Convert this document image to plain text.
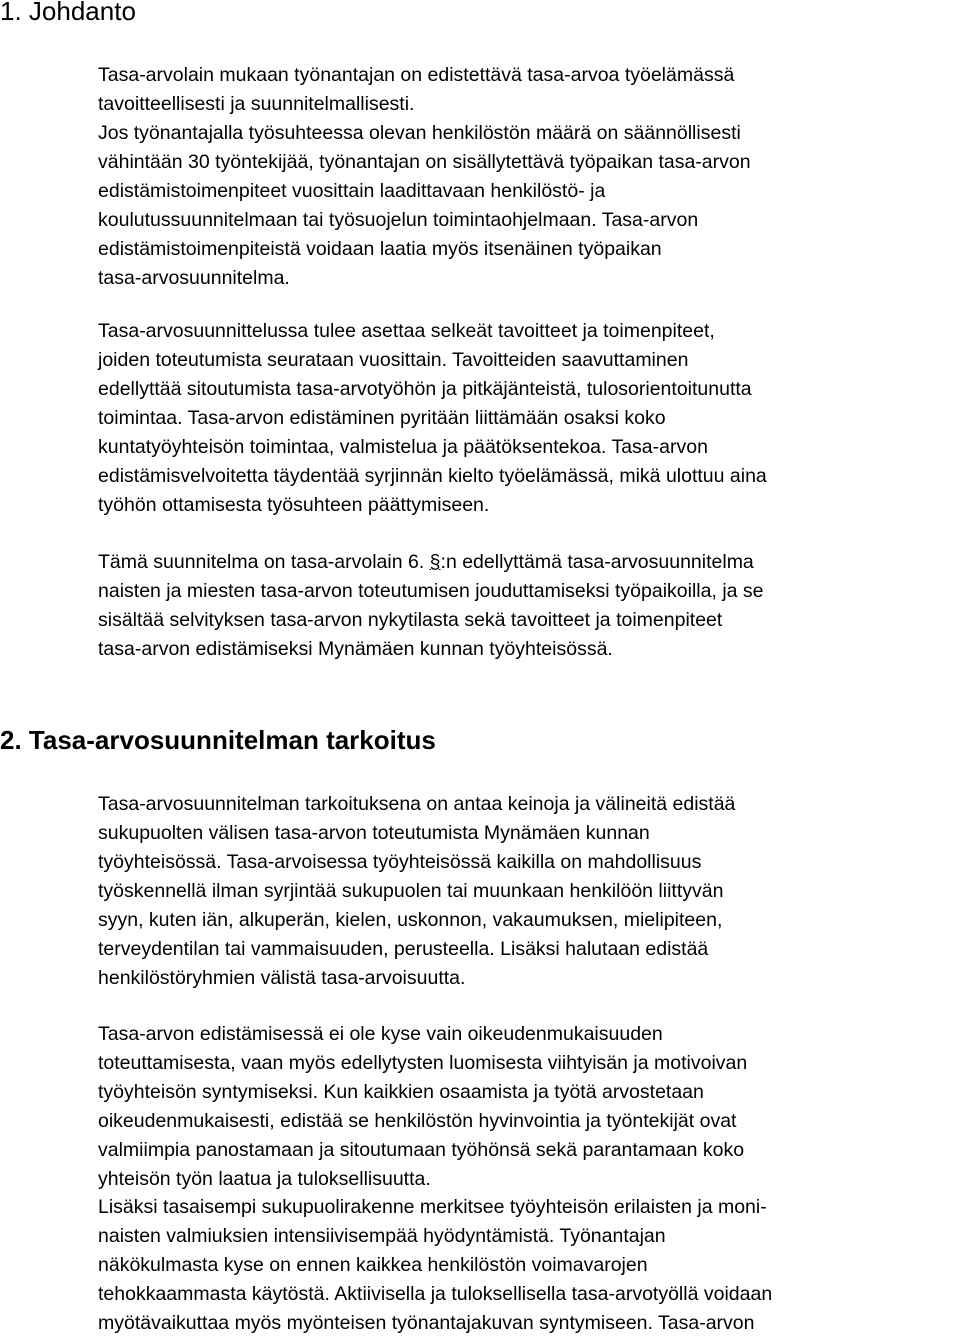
1. Johdanto
Tasa-arvolain mukaan työnantajan on edistettävä tasa-arvoa työelämässä
tavoitteellisesti ja suunnitelmallisesti.
Jos työnantajalla työsuhteessa olevan henkilöstön määrä on säännöllisesti
vähintään 30 työntekijää, työnantajan on sisällytettävä työpaikan tasa-arvon
edistämistoimenpiteet vuosittain laadittavaan henkilöstö- ja
koulutussuunnitelmaan tai työsuojelun toimintaohjelmaan. Tasa-arvon
edistämistoimenpiteistä voidaan laatia myös itsenäinen työpaikan
tasa-arvosuunnitelma.
Tasa-arvosuunnittelussa tulee asettaa selkeät tavoitteet ja toimenpiteet,
joiden toteutumista seurataan vuosittain. Tavoitteiden saavuttaminen
edellyttää sitoutumista tasa-arvotyöhön ja pitkäjänteistä, tulosorientoitunutta
toimintaa. Tasa-arvon edistäminen pyritään liittämään osaksi koko
kuntatyöyhteisön toimintaa, valmistelua ja päätöksentekoa. Tasa-arvon
edistämisvelvoitetta täydentää syrjinnän kielto työelämässä, mikä ulottuu aina
työhön ottamisesta työsuhteen päättymiseen.
Tämä suunnitelma on tasa-arvolain 6. §:n edellyttämä tasa-arvosuunnitelma
naisten ja miesten tasa-arvon toteutumisen jouduttamiseksi työpaikoilla, ja se
sisältää selvityksen tasa-arvon nykytilasta sekä tavoitteet ja toimenpiteet
tasa-arvon edistämiseksi Mynämäen kunnan työyhteisössä.
2. Tasa-arvosuunnitelman tarkoitus
Tasa-arvosuunnitelman tarkoituksena on antaa keinoja ja välineitä edistää
sukupuolten välisen tasa-arvon toteutumista Mynämäen kunnan
työyhteisössä. Tasa-arvoisessa työyhteisössä kaikilla on mahdollisuus
työskennellä ilman syrjintää sukupuolen tai muunkaan henkilöön liittyvän
syyn, kuten iän, alkuperän, kielen, uskonnon, vakaumuksen, mielipiteen,
terveydentilan tai vammaisuuden, perusteella. Lisäksi halutaan edistää
henkilöstöryhmien välistä tasa-arvoisuutta.
Tasa-arvon edistämisessä ei ole kyse vain oikeudenmukaisuuden
toteuttamisesta, vaan myös edellytysten luomisesta viihtyisän ja motivoivan
työyhteisön syntymiseksi. Kun kaikkien osaamista ja työtä arvostetaan
oikeudenmukaisesti, edistää se henkilöstön hyvinvointia ja työntekijät ovat
valmiimpia panostamaan ja sitoutumaan työhönsä sekä parantamaan koko
yhteisön työn laatua ja tuloksellisuutta.
Lisäksi tasaisempi sukupuolirakenne merkitsee työyhteisön erilaisten ja moni-
naisten valmiuksien intensiivisempää hyödyntämistä. Työnantajan
näkökulmasta kyse on ennen kaikkea henkilöstön voimavarojen
tehokkaammasta käytöstä. Aktiivisella ja tuloksellisella tasa-arvotyöllä voidaan
myötävaikuttaa myös myönteisen työnantajakuvan syntymiseen. Tasa-arvon
